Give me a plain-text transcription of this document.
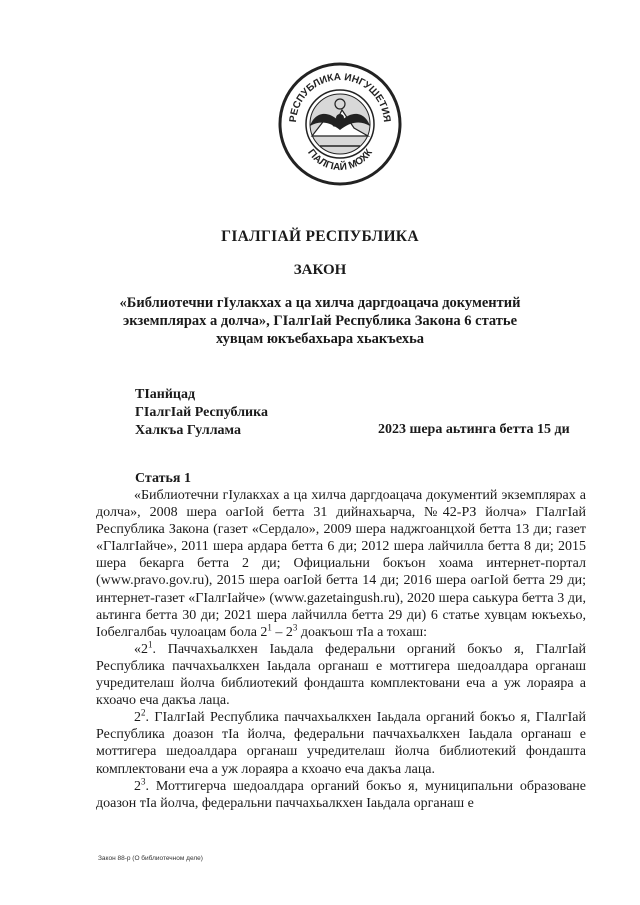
РЕСПУБЛИКА ИНГУШЕТИЯ
ГIАЛГIАЙ МОХК
ГIАЛГIАЙ РЕСПУБЛИКА
ЗАКОН
«Библиотечни гIулакхах а ца хилча даргдоацача документий экземплярах а долча», ГIалгIай Республика Закона 6 статье хувцам юкъебахьара хьакъехьа
ТIанйцад
ГIалгIай Республика
Халкъа Гуллама	2023 шера аьтинга бетта 15 ди
Статья 1

«Библиотечни гIулакхах а ца хилча даргдоацача документий экземплярах а долча», 2008 шера оагIой бетта 31 дийнахьарча, №42-РЗ йолча» ГIалгIай Республика Закона (газет «Сердало», 2009 шера наджгоанцхой бетта 13 ди; газет «ГIалгIайче», 2011 шера ардара бетта 6 ди; 2012 шера лайчилла бетта 8 ди; 2015 шера бекарга бетта 2 ди; Официальни бокъон хоама интернет-портал (www.pravo.gov.ru), 2015 шера оагIой бетта 14 ди; 2016 шера оагIой бетта 29 ди; интернет-газет «ГIалгIайче» (www.gazetaingush.ru), 2020 шера саькура бетта 3 ди, аьтинга бетта 30 ди; 2021 шера лайчилла бетта 29 ди) 6 статье хувцам юкъехьо, Iобелгалбаь чулоацам бола $2^1 - 2^3$ доакъош тIа а тохаш:

«$2^1$. Паччахьалкхен Iаьдала федеральни органий бокъо я, ГIалгIай Республика паччахьалкхен Iаьдала органаш е моттигера шедоалдара органаш учредителаш йолча библиотекий фондашта комплектовани еча а уж лораяра а кхоачо еча дакъа лаца.

$2^2$. ГIалгIай Республика паччахьалкхен Iаьдала органий бокъо я, ГIалгIай Республика доазон тIа йолча, федеральни паччахьалкхен Iаьдала органаш е моттигера шедоалдара органаш учредителаш йолча библиотекий фондашта комплектовани еча а уж лораяра а кхоачо еча дакъа лаца.

$2^3$. Моттигерча шедоалдара органий бокъо я, муниципальни образоване доазон тIа йолча, федеральни паччахьалкхен Iаьдала органаш е

Закон 88-р (О библиотечном деле)
